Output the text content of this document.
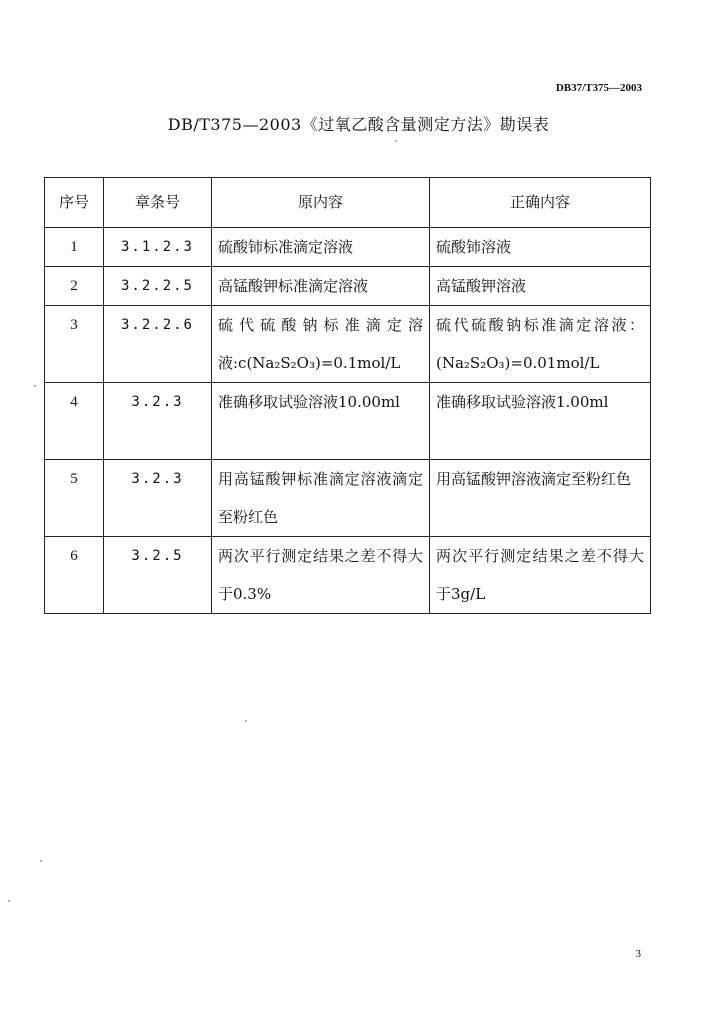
DB37/T375—2003
DB/T375—2003《过氧乙酸含量测定方法》勘误表
序号	章条号	原内容	正确内容
1	3.1.2.3	硫酸铈标准滴定溶液	硫酸铈溶液
2	3.2.2.5	高锰酸钾标准滴定溶液	高锰酸钾溶液
3	3.2.2.6	硫代硫酸钠标准滴定溶液:c(Na₂S₂O₃)=0.1mol/L	硫代硫酸钠标准滴定溶液：(Na₂S₂O₃)=0.01mol/L
4	3.2.3	准确移取试验溶液10.00ml	准确移取试验溶液1.00ml
5	3.2.3	用高锰酸钾标准滴定溶液滴定至粉红色	用高锰酸钾溶液滴定至粉红色
6	3.2.5	两次平行测定结果之差不得大于0.3%	两次平行测定结果之差不得大于3g/L
3
